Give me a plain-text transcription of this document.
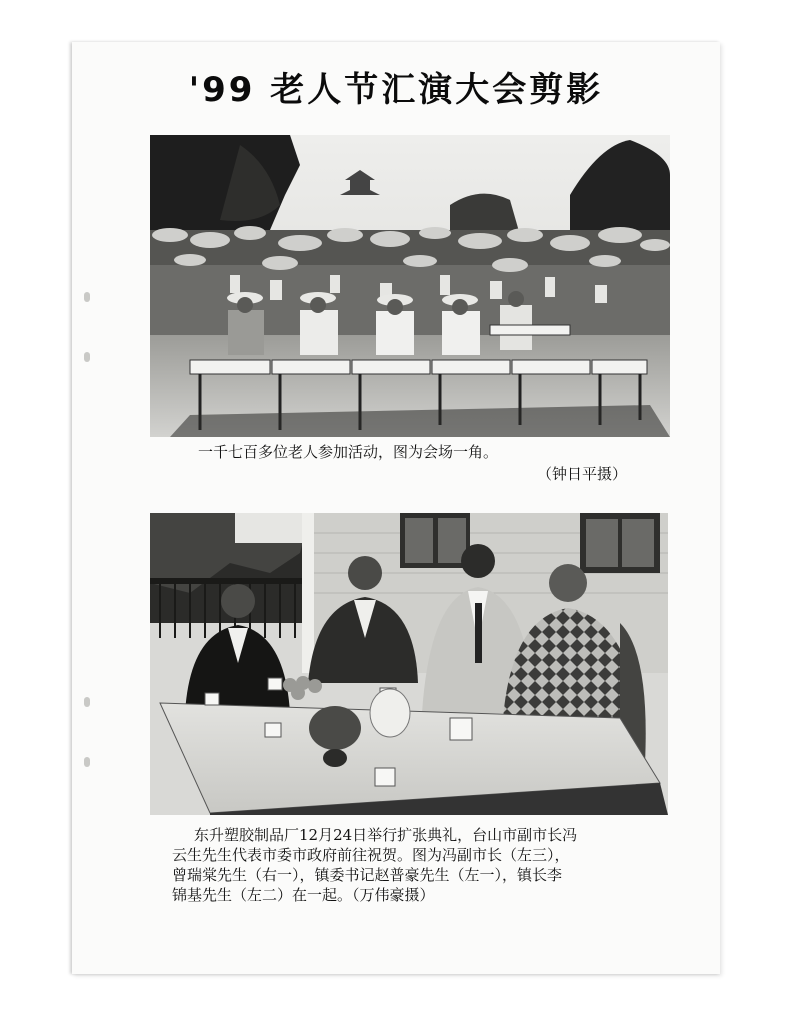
'99 老人节汇演大会剪影
一千七百多位老人参加活动，图为会场一角。
（钟日平摄）
东升塑胶制品厂12月24日举行扩张典礼，台山市副市长冯
云生先生代表市委市政府前往祝贺。图为冯副市长（左三），
曾瑞棠先生（右一），镇委书记赵普豪先生（左一），镇长李
锦基先生（左二）在一起。（万伟豪摄）
